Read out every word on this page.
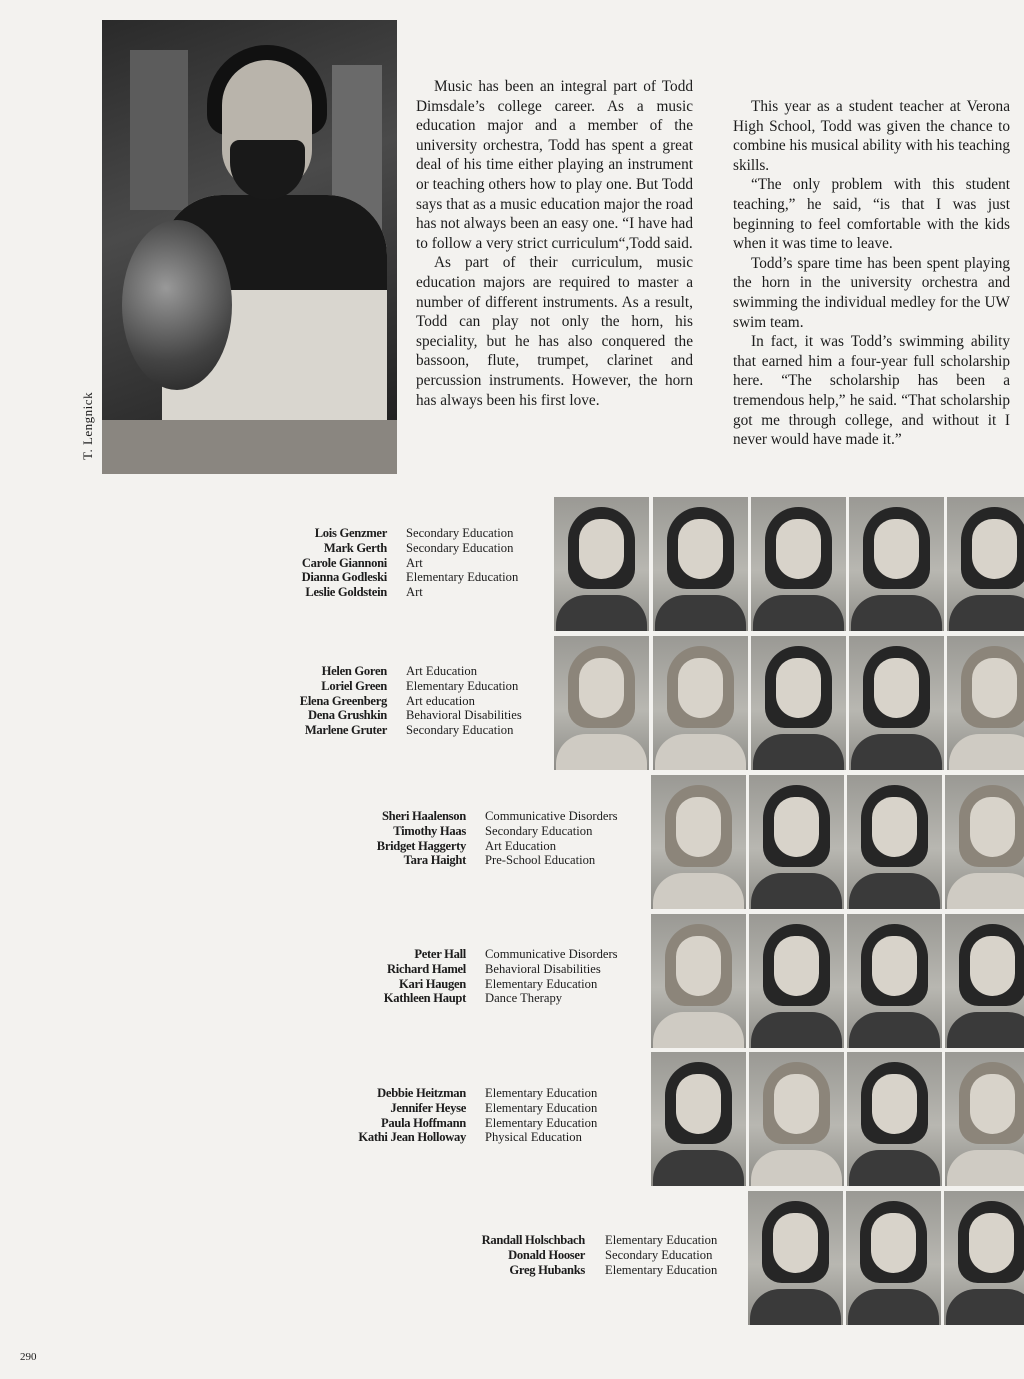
T. Lengnick

Music has been an integral part of Todd Dimsdale’s college career. As a music education major and a member of the university orchestra, Todd has spent a great deal of his time either playing an instrument or teaching others how to play one. But Todd says that as a music education major the road has not always been an easy one. “I have had to follow a very strict curriculum“,Todd said.

As part of their curriculum, music education majors are required to master a number of different instruments. As a result, Todd can play not only the horn, his speciality, but he has also conquered the bassoon, flute, trumpet, clarinet and percussion instruments. However, the horn has always been his first love.

This year as a student teacher at Verona High School, Todd was given the chance to combine his musical ability with his teaching skills.

“The only problem with this student teaching,” he said, “is that I was just beginning to feel comfortable with the kids when it was time to leave.

Todd’s spare time has been spent playing the horn in the university orchestra and swimming the individual medley for the UW swim team.

In fact, it was Todd’s swimming ability that earned him a four-year full scholarship here. “The scholarship has been a tremendous help,” he said. “That scholarship got me through college, and without it I never would have made it.”

Lois Genzmer
Mark Gerth
Carole Giannoni
Dianna Godleski
Leslie Goldstein
Secondary Education
Secondary Education
Art
Elementary Education
Art
Helen Goren
Loriel Green
Elena Greenberg
Dena Grushkin
Marlene Gruter
Art Education
Elementary Education
Art education
Behavioral Disabilities
Secondary Education
Sheri Haalenson
Timothy Haas
Bridget Haggerty
Tara Haight
Communicative Disorders
Secondary Education
Art Education
Pre-School Education
Peter Hall
Richard Hamel
Kari Haugen
Kathleen Haupt
Communicative Disorders
Behavioral Disabilities
Elementary Education
Dance Therapy
Debbie Heitzman
Jennifer Heyse
Paula Hoffmann
Kathi Jean Holloway
Elementary Education
Elementary Education
Elementary Education
Physical Education
Randall Holschbach
Donald Hooser
Greg Hubanks
Elementary Education
Secondary Education
Elementary Education
290
